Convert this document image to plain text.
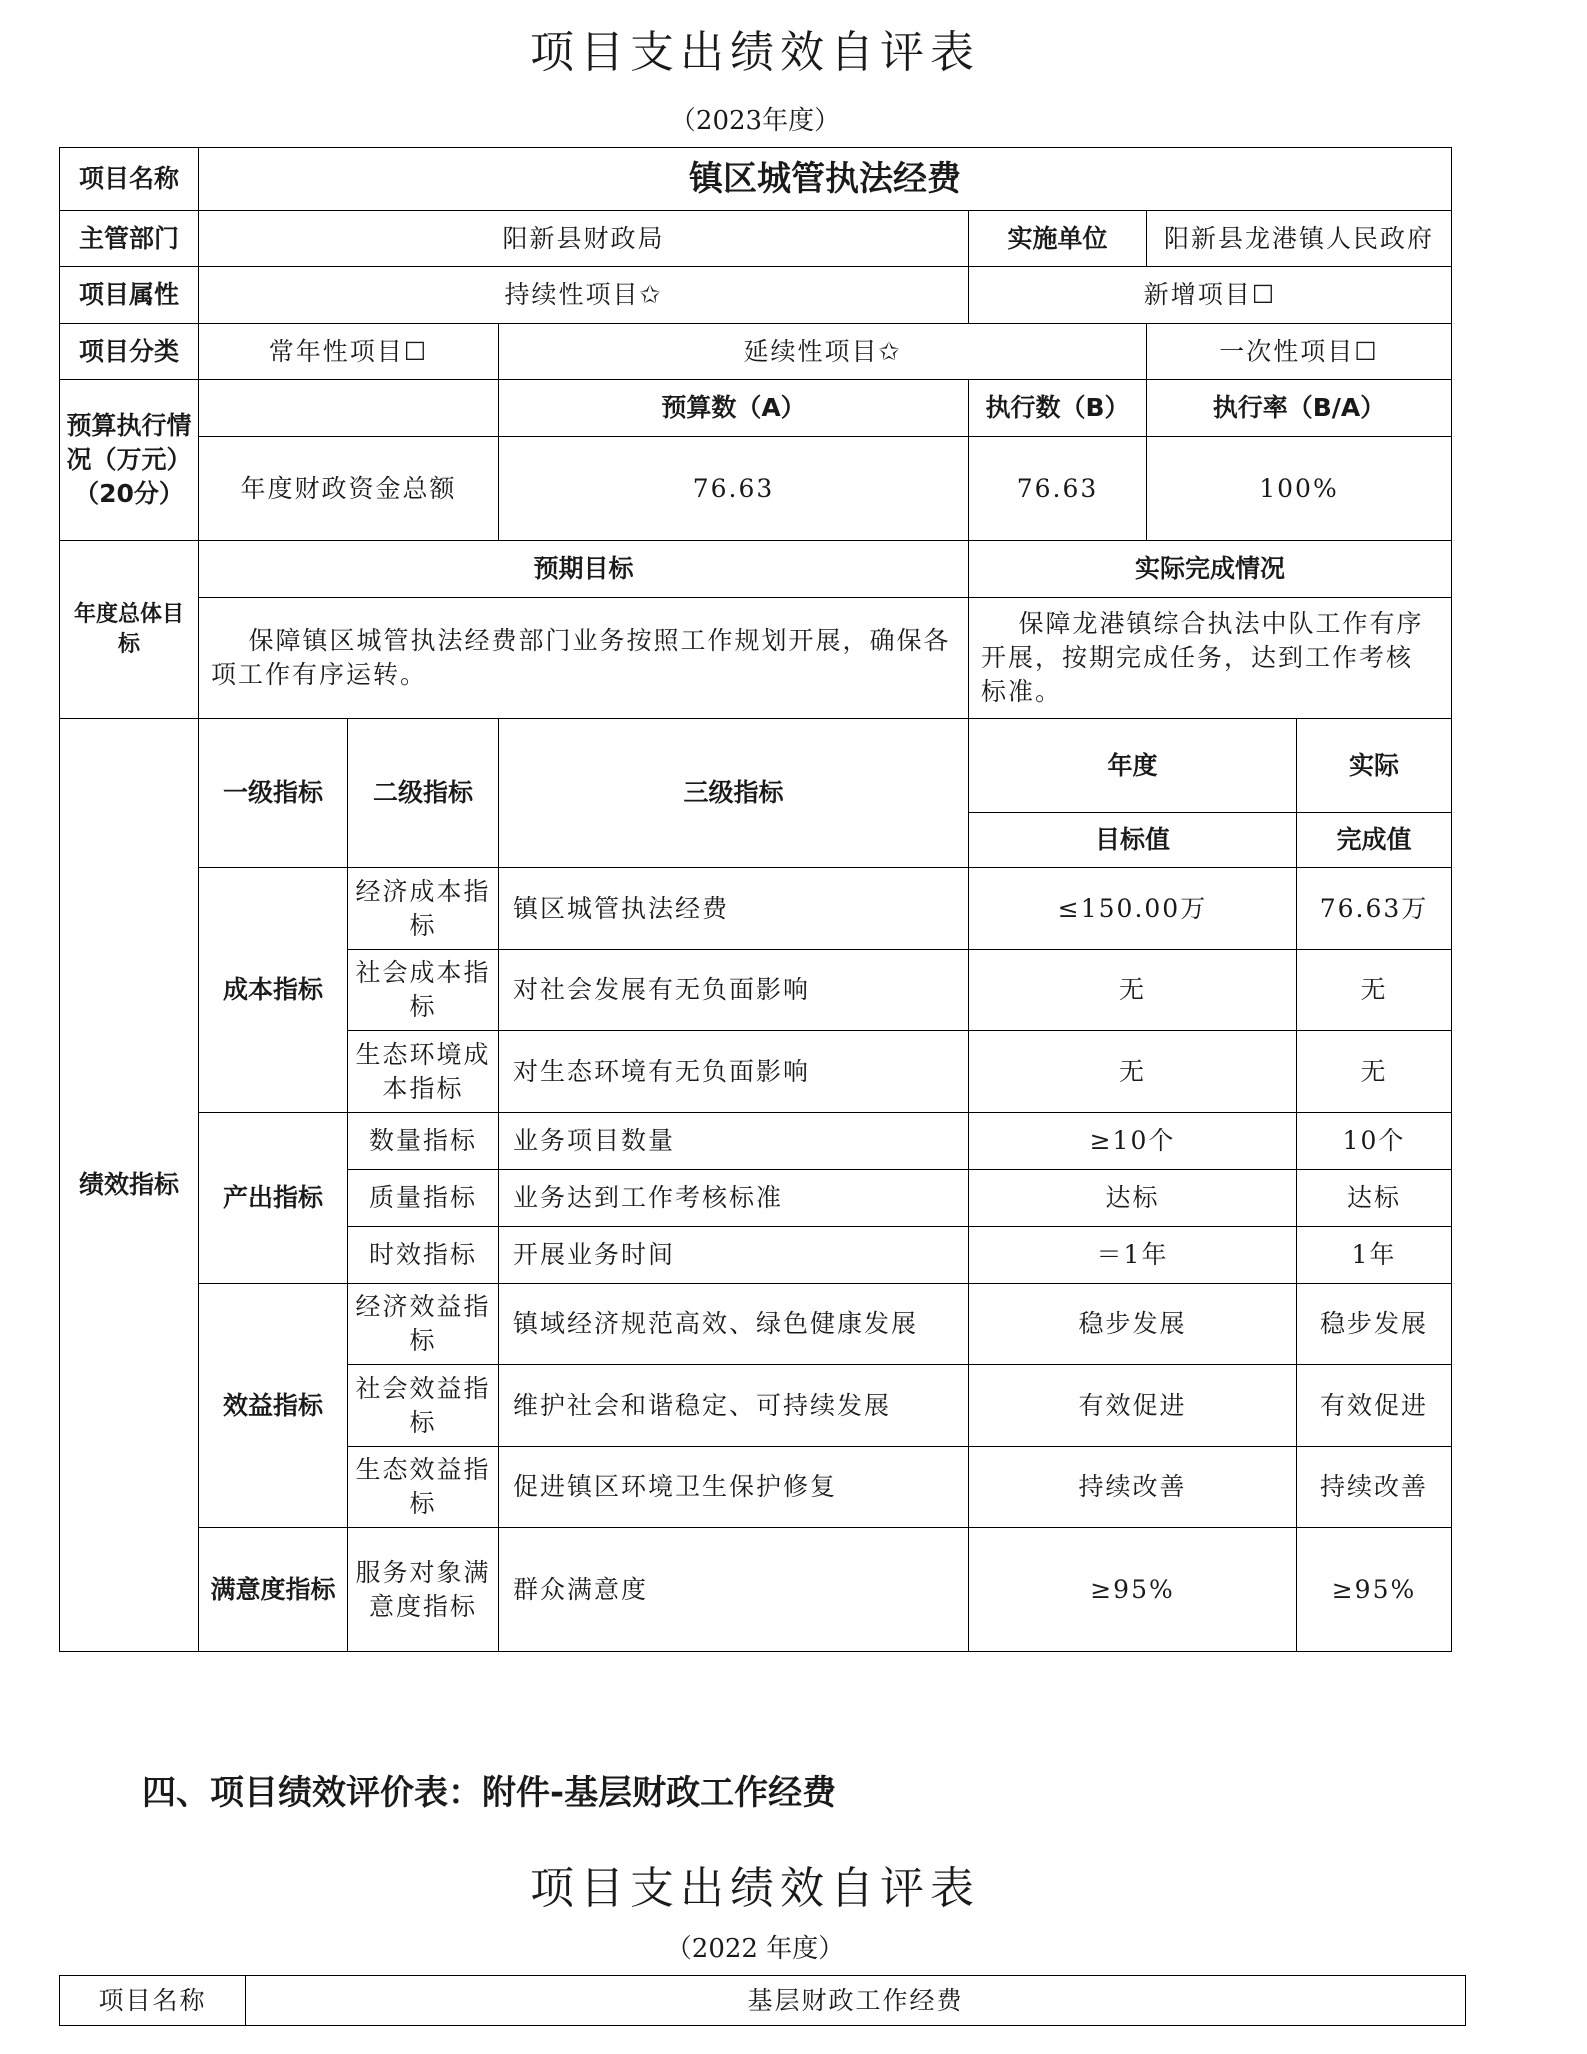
项目支出绩效自评表
（2023年度）
项目名称	镇区城管执法经费					
主管部门	阳新县财政局			实施单位	阳新县龙港镇人民政府	
项目属性	持续性项目✩			新增项目☐		
项目分类	常年性项目☐		延续性项目✩		一次性项目☐	
预算执行情况（万元）（20分）			预算数（A）	执行数（B）	执行率（B/A）	
	年度财政资金总额		76.63	76.63	100%	
年度总体目标	预期目标			实际完成情况		
	保障镇区城管执法经费部门业务按照工作规划开展，确保各项工作有序运转。			保障龙港镇综合执法中队工作有序开展，按期完成任务，达到工作考核标准。		
绩效指标	一级指标	二级指标	三级指标	年度		实际
				目标值		完成值
	成本指标	经济成本指标	镇区城管执法经费	≤150.00万		76.63万
		社会成本指标	对社会发展有无负面影响	无		无
		生态环境成本指标	对生态环境有无负面影响	无		无
	产出指标	数量指标	业务项目数量	≥10个		10个
		质量指标	业务达到工作考核标准	达标		达标
		时效指标	开展业务时间	＝1年		1年
	效益指标	经济效益指标	镇域经济规范高效、绿色健康发展	稳步发展		稳步发展
		社会效益指标	维护社会和谐稳定、可持续发展	有效促进		有效促进
		生态效益指标	促进镇区环境卫生保护修复	持续改善		持续改善
	满意度指标	服务对象满意度指标	群众满意度	≥95%		≥95%
四、项目绩效评价表：附件-基层财政工作经费
项目支出绩效自评表
（2022 年度）
项目名称	基层财政工作经费
